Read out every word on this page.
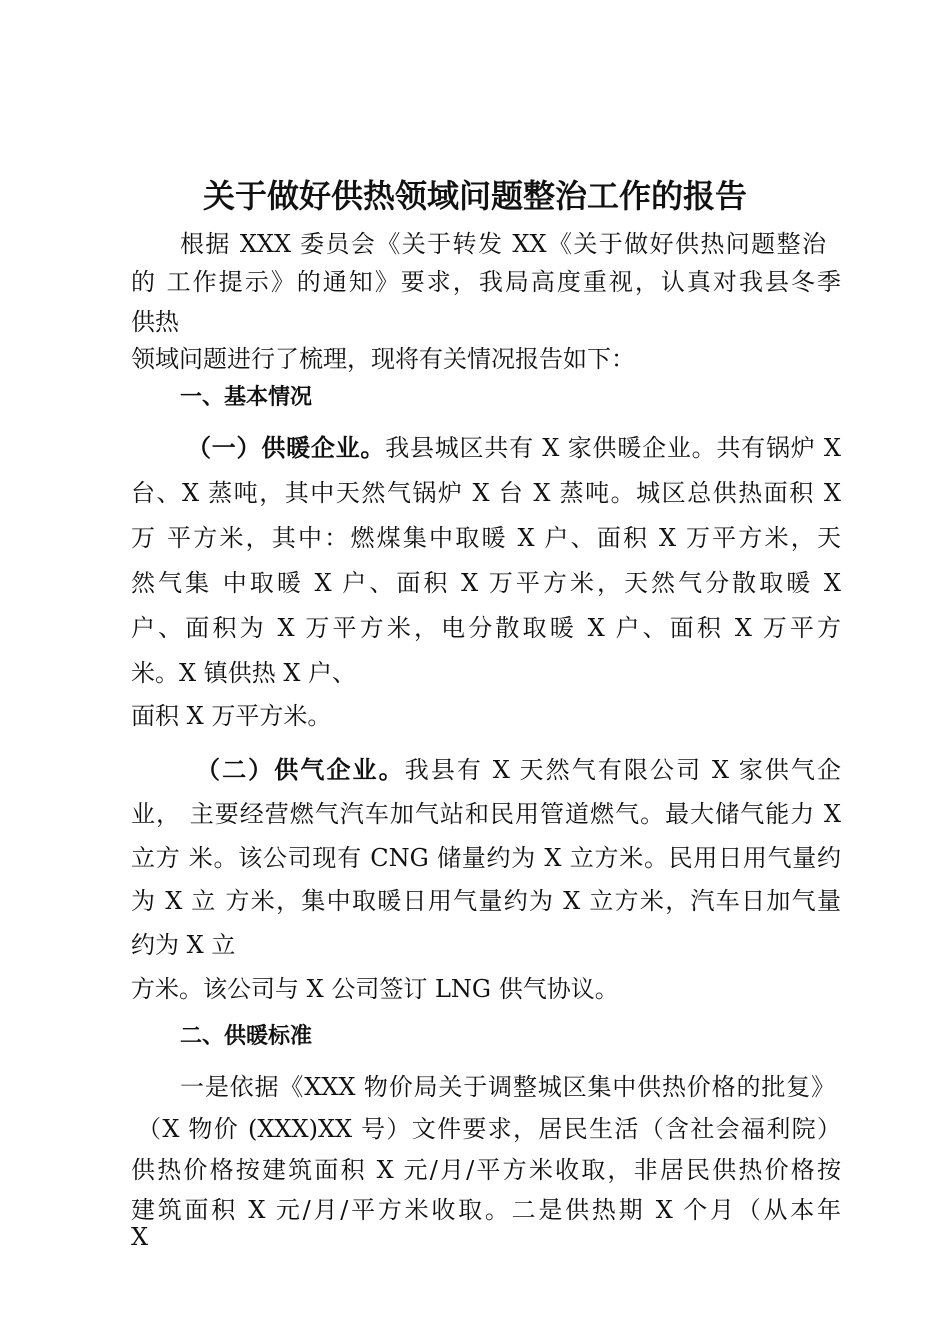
关于做好供热领域问题整治工作的报告
根据 XXX 委员会《关于转发 XX《关于做好供热问题整治
的 工作提示》的通知》要求，我局高度重视，认真对我县冬季
供热
领域问题进行了梳理，现将有关情况报告如下：
一、基本情况
（一）供暖企业。我县城区共有 X 家供暖企业。共有锅炉 X
台、X 蒸吨，其中天然气锅炉 X 台 X 蒸吨。城区总供热面积 X
万 平方米，其中：燃煤集中取暖 X 户、面积 X 万平方米，天
然气集 中取暖 X 户、面积 X 万平方米，天然气分散取暖 X
户、面积为 X 万平方米，电分散取暖 X 户、面积 X 万平方
米。X 镇供热 X 户、
面积 X 万平方米。
（二）供气企业。我县有 X 天然气有限公司 X 家供气企
业， 主要经营燃气汽车加气站和民用管道燃气。最大储气能力 X
立方 米。该公司现有 CNG 储量约为 X 立方米。民用日用气量约
为 X 立 方米，集中取暖日用气量约为 X 立方米，汽车日加气量
约为 X 立
方米。该公司与 X 公司签订 LNG 供气协议。
二、供暖标准
一是依据《XXX 物价局关于调整城区集中供热价格的批复》
（X 物价 (XXX)XX 号）文件要求，居民生活（含社会福利院）
供热价格按建筑面积 X 元/月/平方米收取，非居民供热价格按
建筑面积 X 元/月/平方米收取。二是供热期 X 个月（从本年
X
